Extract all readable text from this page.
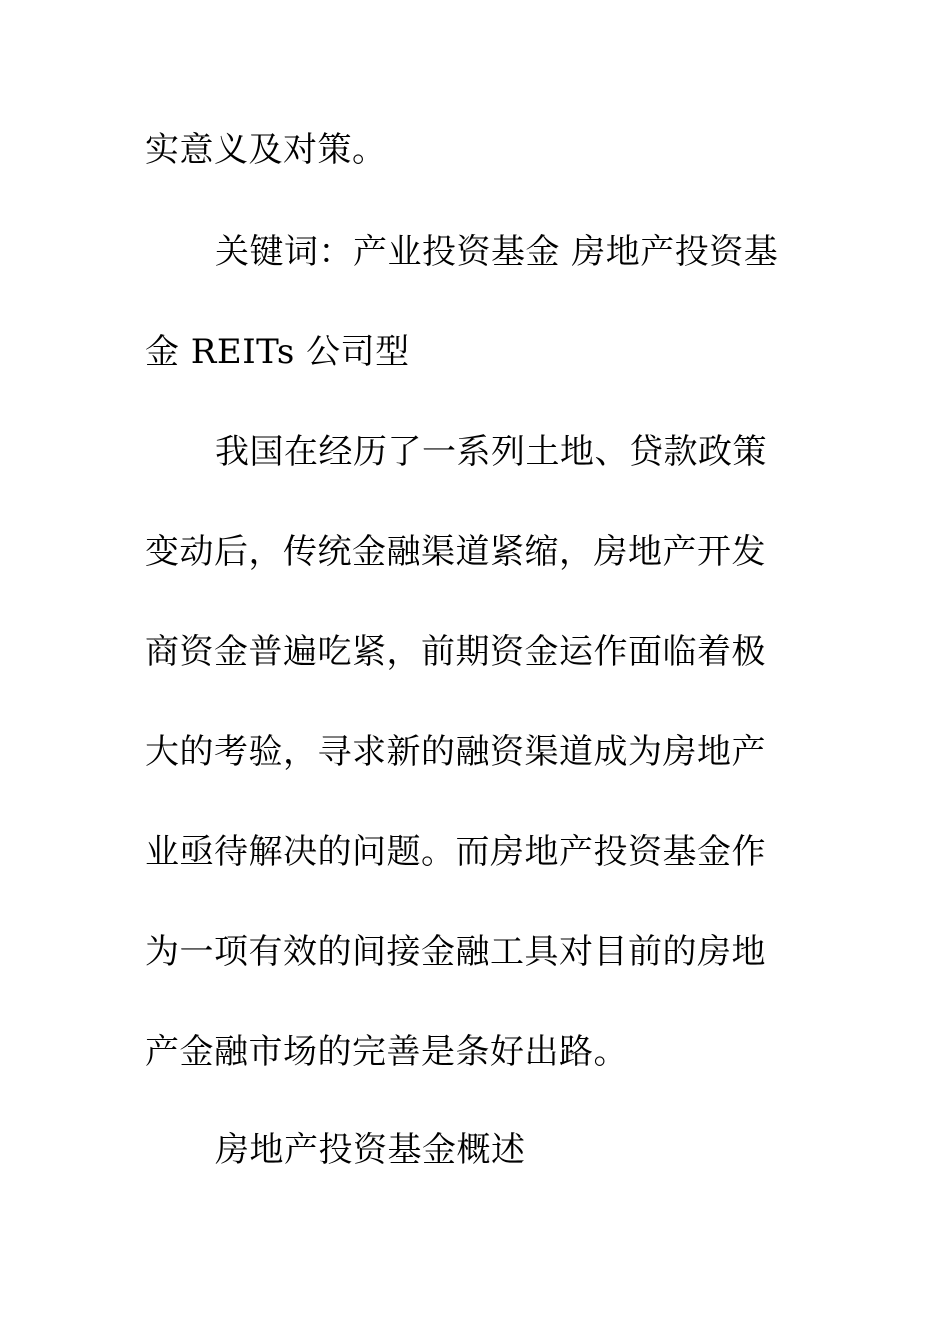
实意义及对策。
关键词：产业投资基金 房地产投资基
金 REITs 公司型
我国在经历了一系列土地、贷款政策
变动后，传统金融渠道紧缩，房地产开发
商资金普遍吃紧，前期资金运作面临着极
大的考验，寻求新的融资渠道成为房地产
业亟待解决的问题。而房地产投资基金作
为一项有效的间接金融工具对目前的房地
产金融市场的完善是条好出路。
房地产投资基金概述
